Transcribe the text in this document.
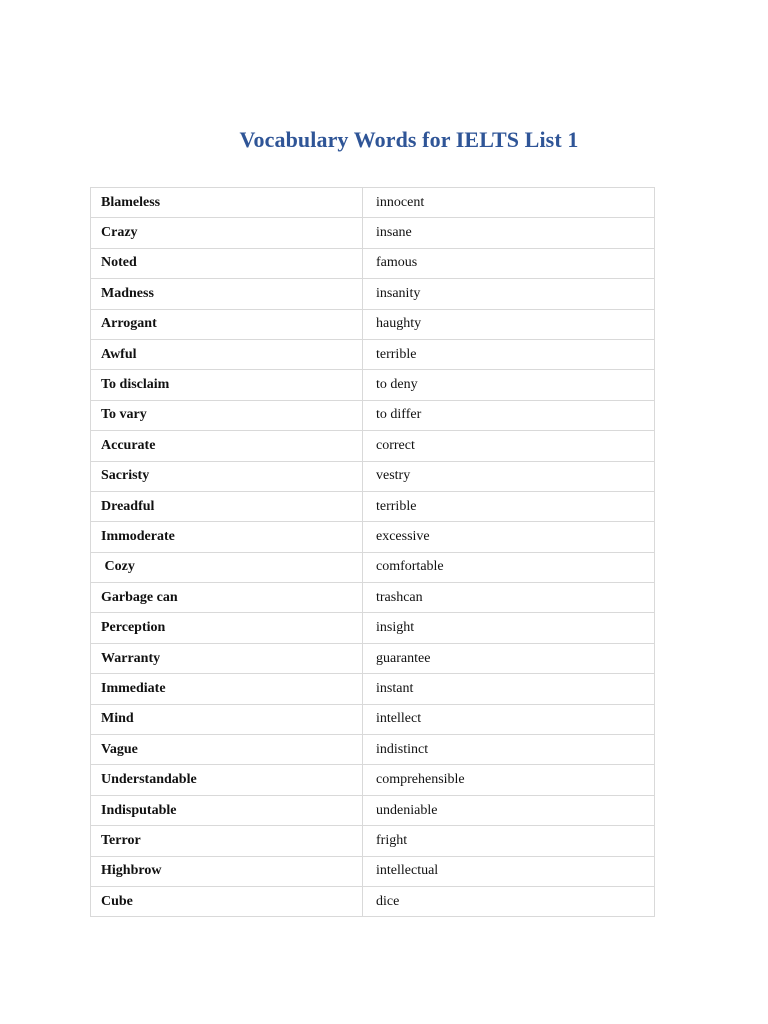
Vocabulary Words for IELTS List 1
Blameless	innocent
Crazy	insane
Noted	famous
Madness	insanity
Arrogant	haughty
Awful	terrible
To disclaim	to deny
To vary	to differ
Accurate	correct
Sacristy	vestry
Dreadful	terrible
Immoderate	excessive
Cozy	comfortable
Garbage can	trashcan
Perception	insight
Warranty	guarantee
Immediate	instant
Mind	intellect
Vague	indistinct
Understandable	comprehensible
Indisputable	undeniable
Terror	fright
Highbrow	intellectual
Cube	dice
